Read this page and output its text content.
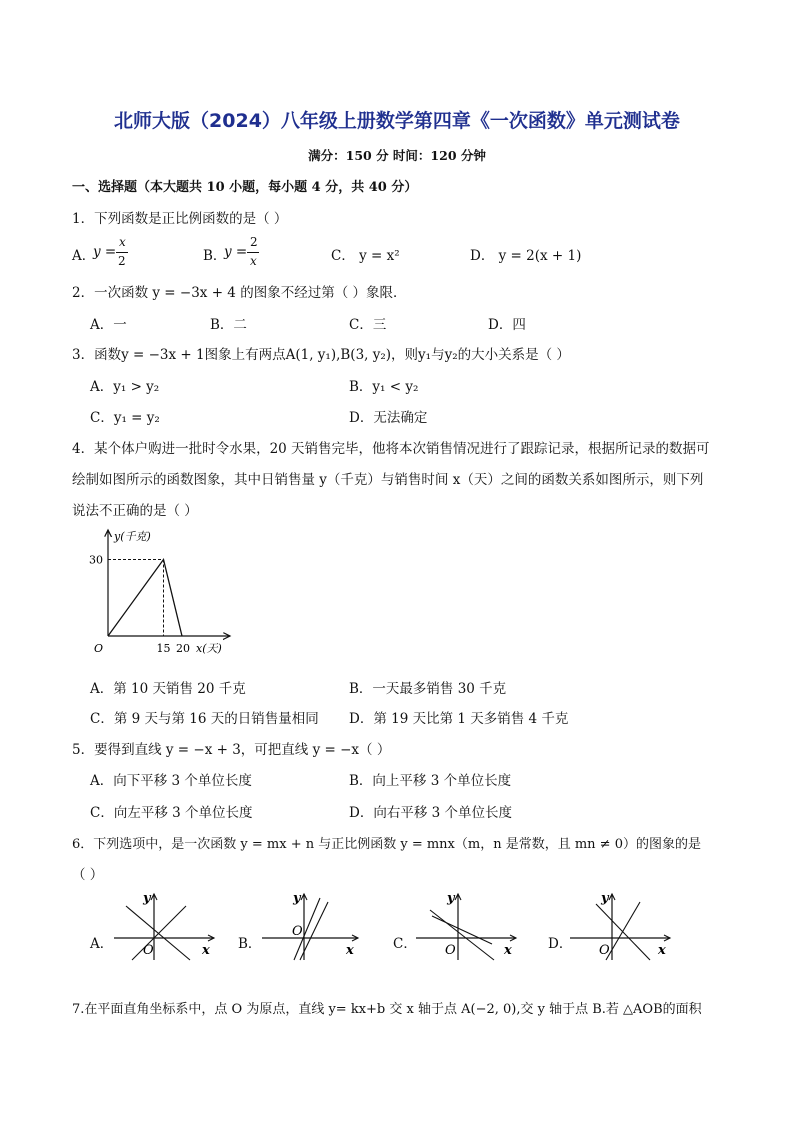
北师大版（2024）八年级上册数学第四章《一次函数》单元测试卷
满分：150 分 时间：120 分钟
一、选择题（本大题共 10 小题，每小题 4 分，共 40 分）
1．下列函数是正比例函数的是（ ）
A．
y =
x
2	B．
y =
2
x	C． y = x²	D． y = 2(x + 1)
2．一次函数 y = −3x + 4 的图象不经过第（ ）象限．
A．一	B．二	C．三	D．四
3．函数y = −3x + 1图象上有两点A(1, y₁),B(3, y₂)，则y₁与y₂的大小关系是（ ）
A．y₁ > y₂	B．y₁ < y₂
C．y₁ = y₂	D．无法确定
4．某个体户购进一批时令水果，20 天销售完毕，他将本次销售情况进行了跟踪记录，根据所记录的数据可
绘制如图所示的函数图象，其中日销售量 y（千克）与销售时间 x（天）之间的函数关系如图所示，则下列
说法不正确的是（ ）
y(千克)
x(天)
O
30
15 20
A．第 10 天销售 20 千克	B．一天最多销售 30 千克
C．第 9 天与第 16 天的日销售量相同 D．第 19 天比第 1 天多销售 4 千克
5．要得到直线 y = −x + 3，可把直线 y = −x（ ）
A．向下平移 3 个单位长度	B．向上平移 3 个单位长度
C．向左平移 3 个单位长度	D．向右平移 3 个单位长度
6．下列选项中，是一次函数 y = mx + n 与正比例函数 y = mnx（m，n 是常数，且 mn ≠ 0）的图象的是
（ ）
A．
y
x
O	B．
y
x
O
C．
y
x
O	D．
y
x
O
7.在平面直角坐标系中，点 O 为原点，直线 y= kx+b 交 x 轴于点 A(−2, 0),交 y 轴于点 B.若 △AOB的面积
